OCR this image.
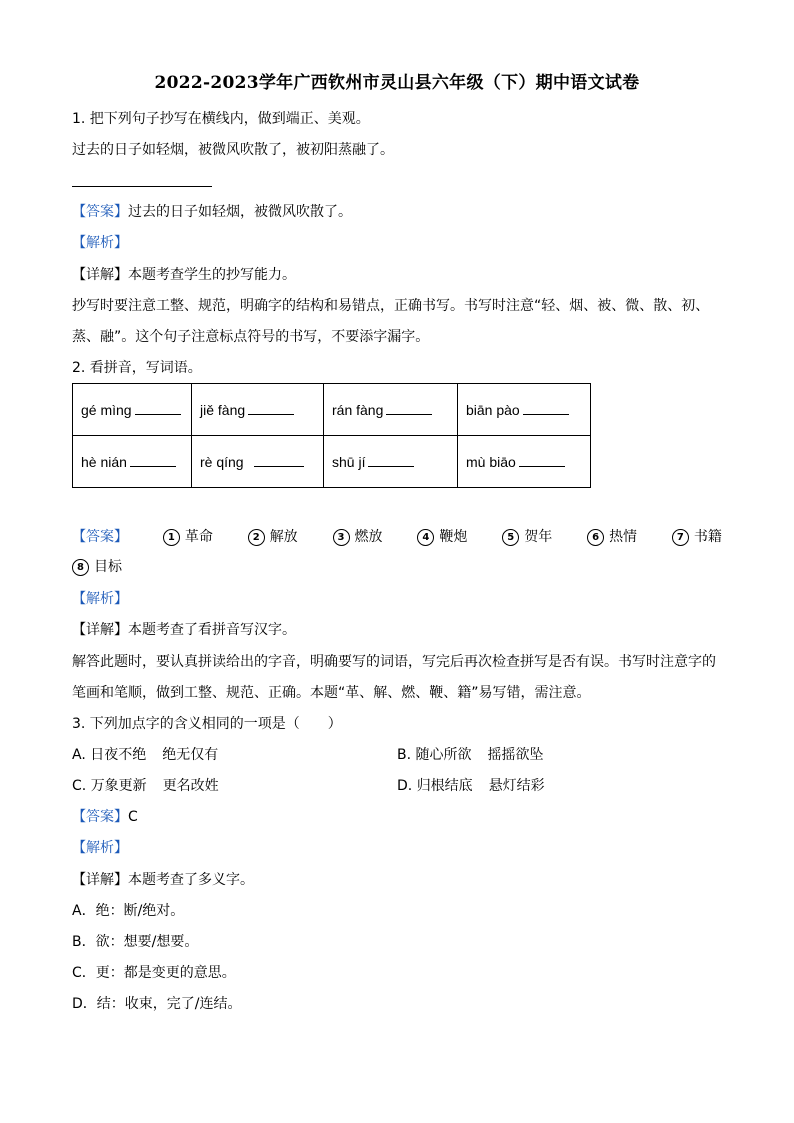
2022-2023学年广西钦州市灵山县六年级（下）期中语文试卷
1. 把下列句子抄写在横线内，做到端正、美观。
过去的日子如轻烟，被微风吹散了，被初阳蒸融了。
【答案】过去的日子如轻烟，被微风吹散了。
【解析】
【详解】本题考查学生的抄写能力。
抄写时要注意工整、规范，明确字的结构和易错点，正确书写。书写时注意“轻、烟、被、微、散、初、
蒸、融”。这个句子注意标点符号的书写，不要添字漏字。
2. 看拼音，写词语。
gé mìng	jiě fàng	rán fàng	biān pào
hè nián	rè qíng	shū jí	mù biāo
【答案】	1 革命	2 解放	3 燃放	4 鞭炮	5 贺年	6 热情	7 书籍
8 目标
【解析】
【详解】本题考查了看拼音写汉字。
解答此题时，要认真拼读给出的字音，明确要写的词语，写完后再次检查拼写是否有误。书写时注意字的
笔画和笔顺，做到工整、规范、正确。本题“革、解、燃、鞭、籍”易写错，需注意。
3. 下列加点字的含义相同的一项是（　　）
A. 日夜不绝 绝无仅有	B. 随心所欲 摇摇欲坠
C. 万象更新 更名改姓	D. 归根结底 悬灯结彩
【答案】C
【解析】
【详解】本题考查了多义字。
A．绝：断/绝对。
B．欲：想要/想要。
C．更：都是变更的意思。
D．结：收束，完了/连结。
